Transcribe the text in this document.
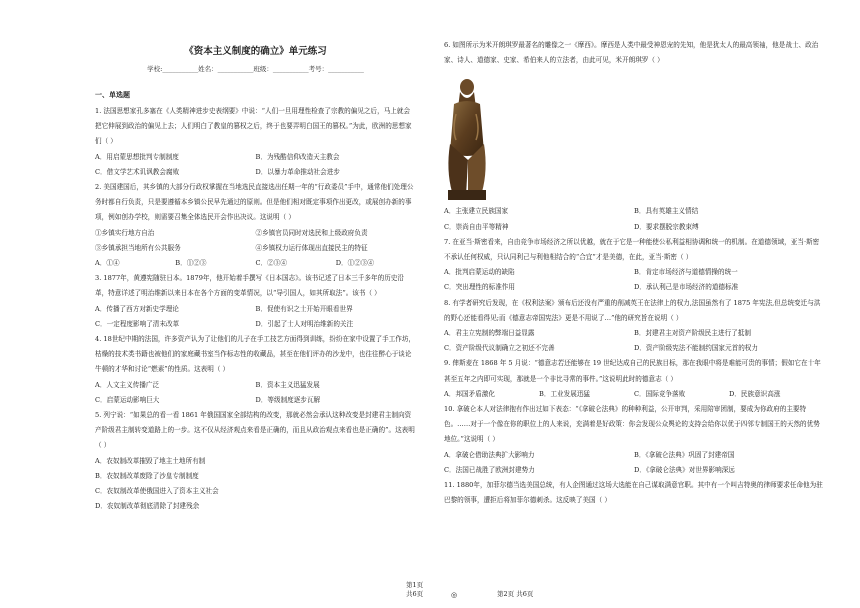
《资本主义制度的确立》单元练习
学校:___________姓名：___________班级：___________考号：___________
一、单选题

1. 法国思想家孔多塞在《人类精神进步史表纲要》中说：“人们一旦用理性检查了宗教的偏见之后，马上就会把它伸展到政治的偏见上去；人们明白了教皇的篡权之后，终于也要弄明白国王的篡权。”为此，欧洲的思想家们（ ）

A．用启蒙思想批判专制制度	B．为残酷信仰改造天主教会
C．借文学艺术讥讽教会腐败	D．以暴力革命推动社会进步

2. 美国建国后，其乡镇的大部分行政权掌握在当地选民直接选出任期一年的“行政委员”手中，通常他们处理公务时都自行负责，只是要遵循本乡镇公民早先通过的原则。但是他们相对既定事项作出更改，或展创办新的事项，例如创办学校，则需要召集全体选民开会作出决议。这说明（ ）

①乡镇实行地方自治	②乡镇官员同时对选民和上级政府负责
③乡镇承担当地所有公共服务	④乡镇权力运行体现出直接民主的特征
A．①④	B．①②③	C．②③④	D．①②③④

3. 1877年，黄遵宪随驻日本。1879年，他开始着手撰写《日本国志》。该书记述了日本三千多年的历史沿革，特意详述了明治维新以来日本在各个方面的变革情况，以“导引国人，如其所取法”。该书（ ）

A．传播了西方对新史学理论	B．促使有识之士开始开眼看世界
C．一定程度影响了清末改革	D．引起了士人对明治维新的关注

4. 18世纪中期的法国，许多资产认为了让他们的儿子在手工技艺方面得到训练，纷纷在家中设置了手工作坊，枯燥的技术类书籍也被他们的家庭藏书室当作标志性的收藏品，甚至在他们评办的沙龙中，也往往醉心于谈论牛顿的才华和讨论“燃素”的性质。这表明（ ）

A．人文主义传播广泛	B．资本主义迅猛发展
C．启蒙运动影响巨大	D．等级制度逐步瓦解

5. 列宁说：“如果总的看一看 1861 年俄国国家全部结构的改变，那就必然会承认这种改变是封建君主制向资产阶级君主制转变道路上的一步。这不仅从经济观点来看是正确的，而且从政治观点来看也是正确的”。这表明（ ）

A．农奴制改革摧毁了地主土地所有制
B．农奴制改革废除了沙皇专制制度
C．农奴制改革使俄国进入了资本主义社会
D．农奴制改革彻底清除了封建残余
第1页 共6页	◎

6. 如图所示为米开朗琪罗最著名的雕像之一《摩西》。摩西是人类中最受神恩宠的先知，他是犹太人的最高领袖，他是战士、政治家、诗人、道德家、史家、希伯来人的立法者，由此可见，米开朗琪罗（ ）

A．主张建立民族国家	B．具有英雄主义情结
C．崇尚自由平等精神	D．要求摆脱宗教束缚

7. 在亚当·斯密看来，自由竞争市场经济之所以优越，就在于它是一种能使公私利益相协调和统一的机制。在道德领域，亚当·斯密不承认任何权威，只认同利己与利他相结合的“合宜”才是美德，在此，亚当·斯密（ ）

A．批判启蒙运动的缺陷	B．肯定市场经济与道德情操的统一
C．突出理性的标准作用	D．承认利己是市场经济的道德标准

8. 有学者研究后发现，在《权利法案》颁布后还没有严重的削减英王在法律上的权力,法国虽然有了 1875 年宪法,但总统变迁与洪的野心还能看得见;而《德意志帝国宪法》更是不用说了…”他的研究旨在说明（ ）

A．君主立宪制的弊端日益显露	B．封建君主对资产阶级民主进行了抵制
C．资产阶级代议制确立之初还不完善	D．资产阶级宪法不能制约国家元首的权力

9. 俾斯麦在 1868 年 5 月说：“德意志若还能够在 19 世纪达成自己的民族目标，那在我眼中将是难能可贵的事情；假如它在十年甚至五年之内即可实现，那就是一个非比寻常的事件。”这说明此时的德意志（ ）

A．邦国矛盾激化	B．工业发展迅猛	C．国际竞争落败	D．民族意识高涨

10. 拿破仑本人对法律抱有作出过如下表态：“《拿破仑法典》的种种利益，公开审判，采用陪审团制，要成为你政府的主要特色。……对于一个像在你的职位上的人来说，充满着是好政策：你会发现公众舆论的支持会给你以优于四邻专制国王的天然的优势地位。”这说明（ ）

A．拿破仑借助法典扩大影响力	B．《拿破仑法典》巩固了封建帝国
C．法国已战胜了欧洲封建势力	D．《拿破仑法典》对世界影响深远

11. 1880年，加菲尔德当选美国总统，有人企图通过这场大选能在自己谋取满意官职。其中有一个叫吉特奥的律师要求任命他为驻巴黎的领事，遭拒后将加菲尔德刺杀。这反映了美国（ ）

第2页 共6页
